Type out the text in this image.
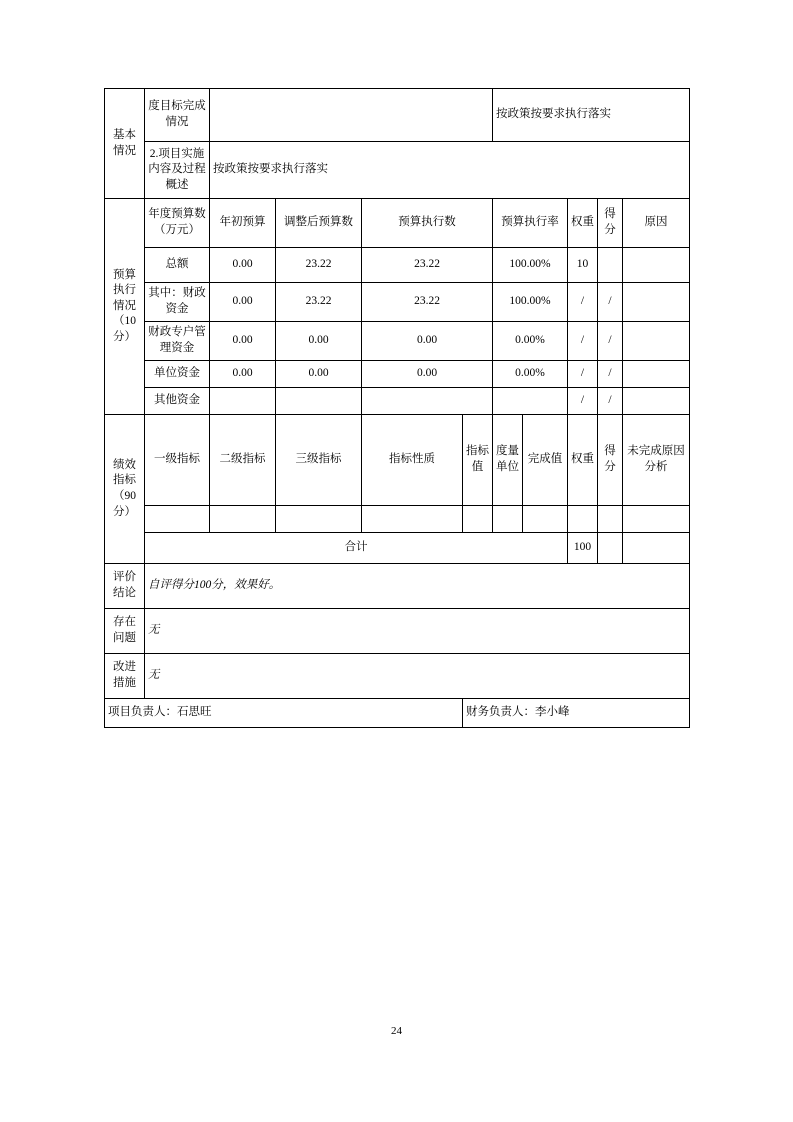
基本情况	度目标完成情况					按政策按要求执行落实				
	2.项目实施内容及过程概述	按政策按要求执行落实								
预算执行情况（10分）	年度预算数（万元）	年初预算	调整后预算数	预算执行数		预算执行率		权重	得分	原因
	总额	0.00	23.22	23.22		100.00%		10		
	其中：财政资金	0.00	23.22	23.22		100.00%		/	/	
	财政专户管理资金	0.00	0.00	0.00		0.00%		/	/	
	单位资金	0.00	0.00	0.00		0.00%		/	/	
	其他资金							/	/	
绩效指标（90分）	一级指标	二级指标	三级指标	指标性质	指标值	度量单位	完成值	权重	得分	未完成原因分析

	合计							100		
评价结论	自评得分100分，效果好。									
存在问题	无									
改进措施	无									
项目负责人：石思旺					财务负责人：李小峰					
24
